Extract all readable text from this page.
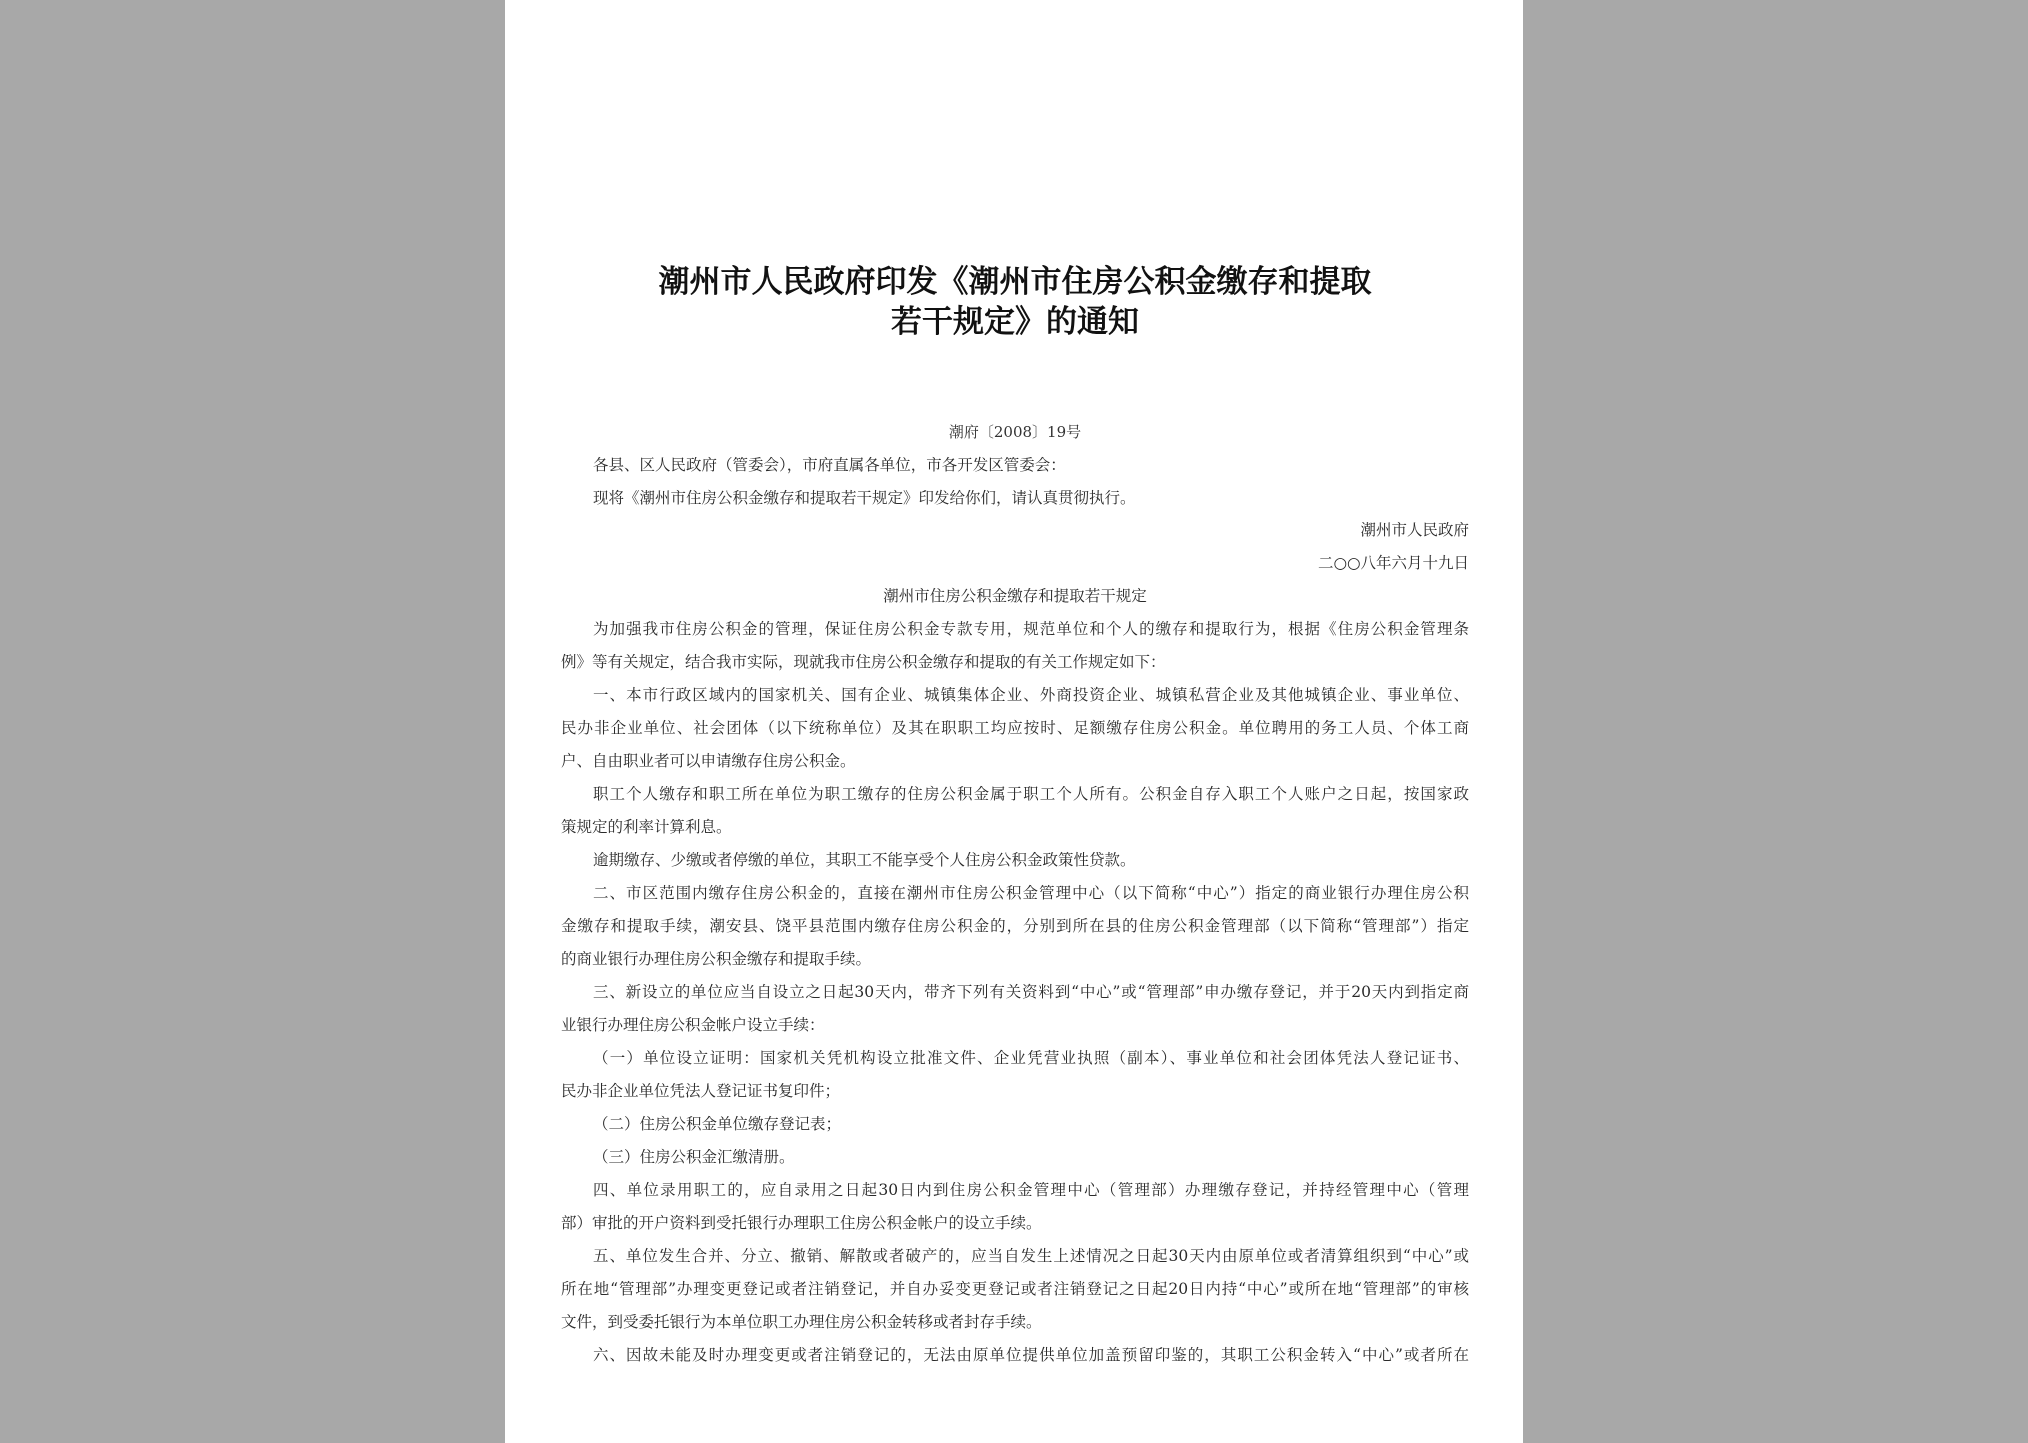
潮州市人民政府印发《潮州市住房公积金缴存和提取
若干规定》的通知
潮府〔2008〕19号
各县、区人民政府（管委会），市府直属各单位，市各开发区管委会：
现将《潮州市住房公积金缴存和提取若干规定》印发给你们，请认真贯彻执行。
潮州市人民政府
二○○八年六月十九日
潮州市住房公积金缴存和提取若干规定
为加强我市住房公积金的管理，保证住房公积金专款专用，规范单位和个人的缴存和提取行为，根据《住房公积金管理条
例》等有关规定，结合我市实际，现就我市住房公积金缴存和提取的有关工作规定如下：
一、本市行政区域内的国家机关、国有企业、城镇集体企业、外商投资企业、城镇私营企业及其他城镇企业、事业单位、
民办非企业单位、社会团体（以下统称单位）及其在职职工均应按时、足额缴存住房公积金。单位聘用的务工人员、个体工商
户、自由职业者可以申请缴存住房公积金。
职工个人缴存和职工所在单位为职工缴存的住房公积金属于职工个人所有。公积金自存入职工个人账户之日起，按国家政
策规定的利率计算利息。
逾期缴存、少缴或者停缴的单位，其职工不能享受个人住房公积金政策性贷款。
二、市区范围内缴存住房公积金的，直接在潮州市住房公积金管理中心（以下简称“中心”）指定的商业银行办理住房公积
金缴存和提取手续，潮安县、饶平县范围内缴存住房公积金的，分别到所在县的住房公积金管理部（以下简称“管理部”）指定
的商业银行办理住房公积金缴存和提取手续。
三、新设立的单位应当自设立之日起30天内，带齐下列有关资料到“中心”或“管理部”申办缴存登记，并于20天内到指定商
业银行办理住房公积金帐户设立手续：
（一）单位设立证明：国家机关凭机构设立批准文件、企业凭营业执照（副本）、事业单位和社会团体凭法人登记证书、
民办非企业单位凭法人登记证书复印件；
（二）住房公积金单位缴存登记表；
（三）住房公积金汇缴清册。
四、单位录用职工的，应自录用之日起30日内到住房公积金管理中心（管理部）办理缴存登记，并持经管理中心（管理
部）审批的开户资料到受托银行办理职工住房公积金帐户的设立手续。
五、单位发生合并、分立、撤销、解散或者破产的，应当自发生上述情况之日起30天内由原单位或者清算组织到“中心”或
所在地“管理部”办理变更登记或者注销登记，并自办妥变更登记或者注销登记之日起20日内持“中心”或所在地“管理部”的审核
文件，到受委托银行为本单位职工办理住房公积金转移或者封存手续。
六、因故未能及时办理变更或者注销登记的，无法由原单位提供单位加盖预留印鉴的，其职工公积金转入“中心”或者所在
